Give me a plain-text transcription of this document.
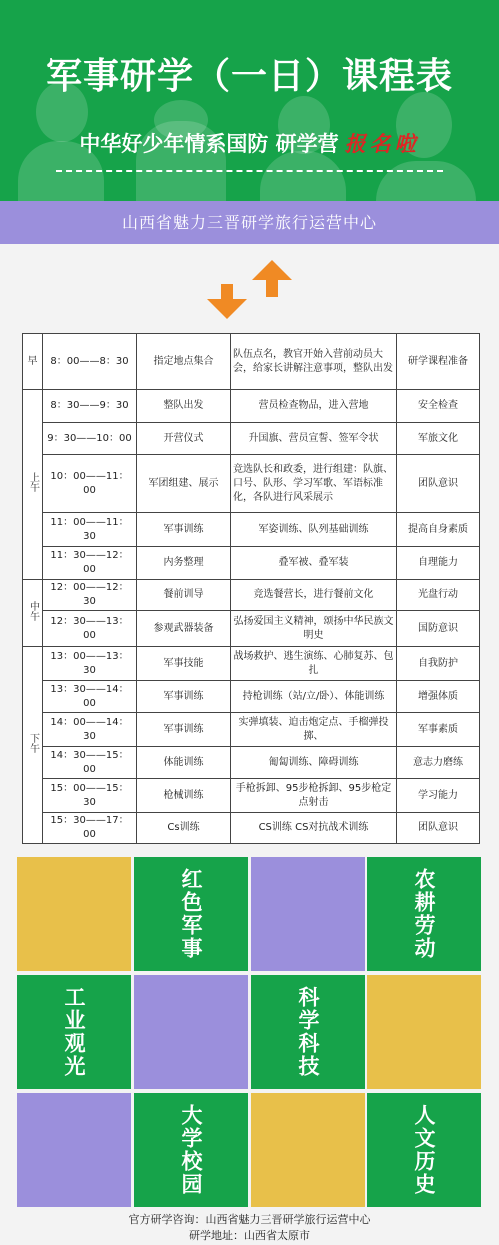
军事研学（一日）课程表
中华好少年情系国防 研学营 报名啦
山西省魅力三晋研学旅行运营中心
早	8：00——8：30	指定地点集合	队伍点名，教官开始入营前动员大会，给家长讲解注意事项，整队出发	研学课程准备
上午	8：30——9：30	整队出发	营员检查物品，进入营地	安全检查
	9：30——10：00	开营仪式	升国旗、营员宣誓、签军令状	军旅文化
	10：00——11：00	军团组建、展示	竞选队长和政委，进行组建：队旗、口号、队形、学习军歌、军语标准化，各队进行风采展示	团队意识
	11：00——11：30	军事训练	军姿训练、队列基础训练	提高自身素质
	11：30——12：00	内务整理	叠军被、叠军装	自理能力
中午	12：00——12：30	餐前训导	竞选餐营长，进行餐前文化	光盘行动
	12：30——13：00	参观武器装备	弘扬爱国主义精神，颂扬中华民族文明史	国防意识
下午	13：00——13：30	军事技能	战场救护、逃生演练、心肺复苏、包扎	自我防护
	13：30——14：00	军事训练	持枪训练（站/立/卧）、体能训练	增强体质
	14：00——14：30	军事训练	实弹填装、迫击炮定点、手榴弹投掷、	军事素质
	14：30——15：00	体能训练	匍匐训练、障碍训练	意志力磨练
	15：00——15：30	枪械训练	手枪拆卸、95步枪拆卸、95步枪定点射击	学习能力
	15：30——17：00	Cs训练	CS训练 CS对抗战术训练	团队意识
红色军事	农耕劳动
工业观光	科学科技
大学校园	人文历史
官方研学咨询：山西省魅力三晋研学旅行运营中心
研学地址：山西省太原市
